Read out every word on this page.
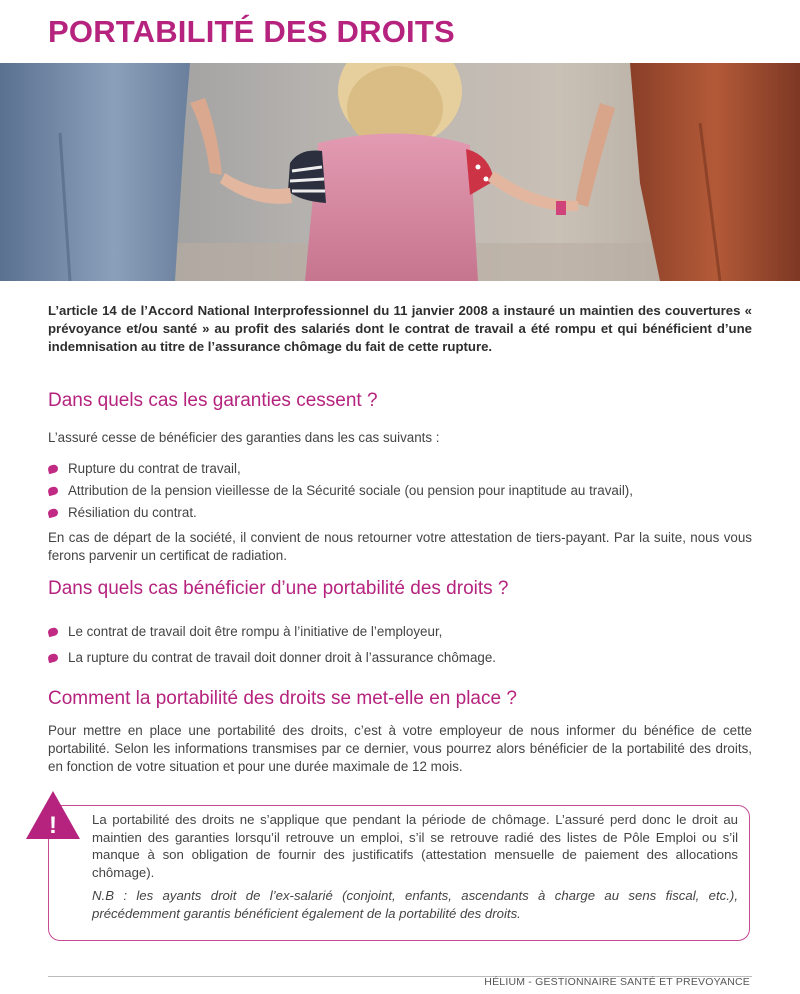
PORTABILITÉ DES DROITS

L’article 14 de l’Accord National Interprofessionnel du 11 janvier 2008 a instauré un maintien des couvertures « prévoyance et/ou santé » au profit des salariés dont le contrat de travail a été rompu et qui bénéficient d’une indemnisation au titre de l’assurance chômage du fait de cette rupture.

Dans quels cas les garanties cessent ?

L’assuré cesse de bénéficier des garanties dans les cas suivants :

Rupture du contrat de travail,
Attribution de la pension vieillesse de la Sécurité sociale (ou pension pour inaptitude au travail),
Résiliation du contrat.

En cas de départ de la société, il convient de nous retourner votre attestation de tiers-payant. Par la suite, nous vous ferons parvenir un certificat de radiation.

Dans quels cas bénéficier d’une portabilité des droits ?
Le contrat de travail doit être rompu à l’initiative de l’employeur,
La rupture du contrat de travail doit donner droit à l’assurance chômage.
Comment la portabilité des droits se met-elle en place ?

Pour mettre en place une portabilité des droits, c’est à votre employeur de nous informer du bénéfice de cette portabilité. Selon les informations transmises par ce dernier, vous pourrez alors bénéficier de la portabilité des droits, en fonction de votre situation et pour une durée maximale de 12 mois.

!	La portabilité des droits ne s’applique que pendant la période de chômage. L’assuré perd donc le droit au maintien des garanties lorsqu’il retrouve un emploi, s’il se retrouve radié des listes de Pôle Emploi ou s’il manque à son obligation de fournir des justificatifs (attestation mensuelle de paiement des allocations chômage).

N.B : les ayants droit de l’ex-salarié (conjoint, enfants, ascendants à charge au sens fiscal, etc.), précédemment garantis bénéficient également de la portabilité des droits.

HÉLIUM - GESTIONNAIRE SANTÉ ET PREVOYANCE
